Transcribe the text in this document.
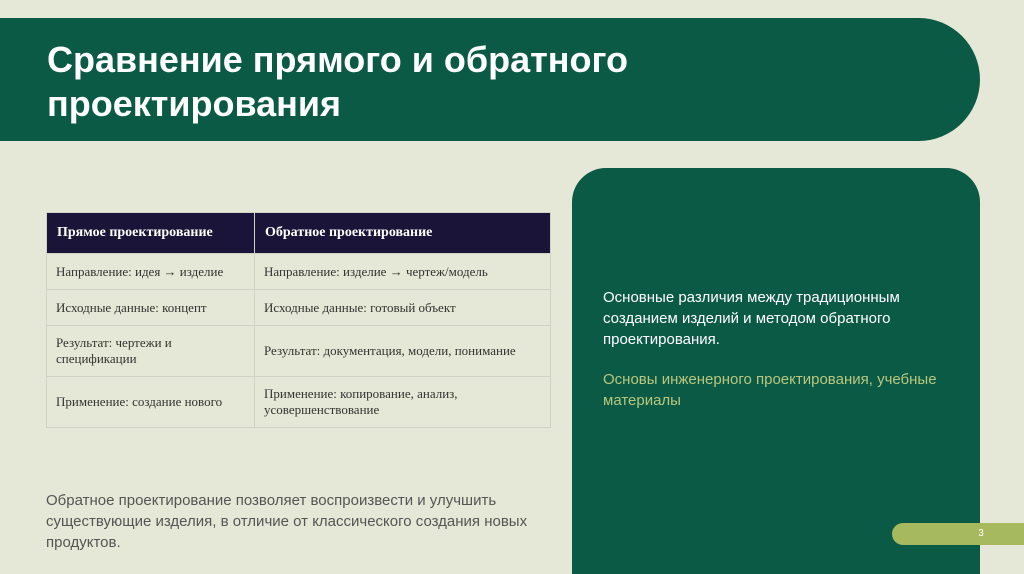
Сравнение прямого и обратного проектирования
Прямое проектирование	Обратное проектирование
Направление: идея → изделие	Направление: изделие → чертеж/модель
Исходные данные: концепт	Исходные данные: готовый объект
Результат: чертежи и спецификации	Результат: документация, модели, понимание
Применение: создание нового	Применение: копирование, анализ, усовершенствование
Основные различия между традиционным созданием изделий и методом обратного проектирования.
Основы инженерного проектирования, учебные материалы
Обратное проектирование позволяет воспроизвести и улучшить существующие изделия, в отличие от классического создания новых продуктов.
3
